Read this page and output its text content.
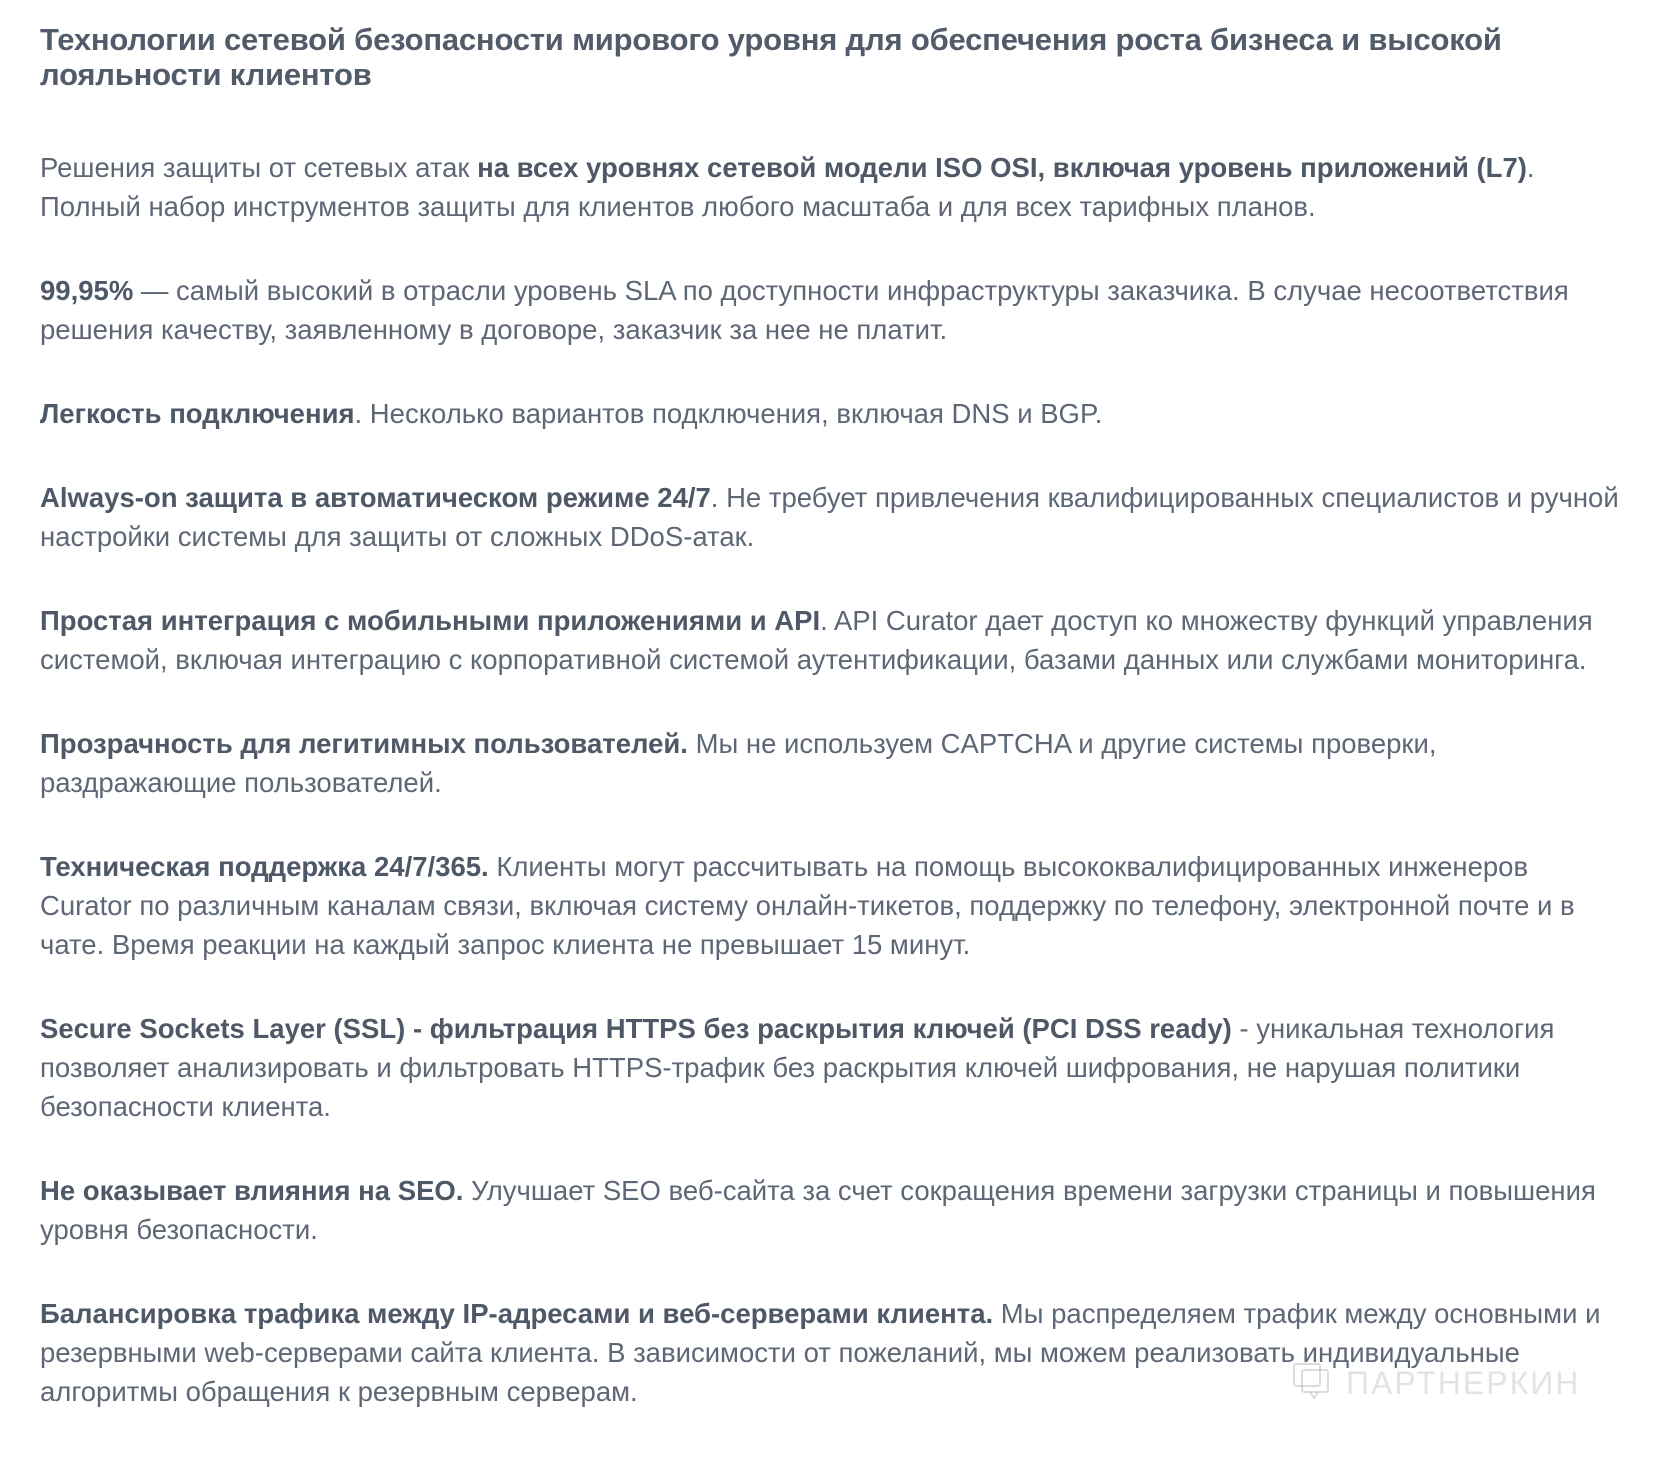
Технологии сетевой безопасности мирового уровня для обеспечения роста бизнеса и высокой лояльности клиентов

Решения защиты от сетевых атак на всех уровнях сетевой модели ISO OSI, включая уровень приложений (L7). Полный набор инструментов защиты для клиентов любого масштаба и для всех тарифных планов.

99,95% — самый высокий в отрасли уровень SLA по доступности инфраструктуры заказчика. В случае несоответствия решения качеству, заявленному в договоре, заказчик за нее не платит.

Легкость подключения. Несколько вариантов подключения, включая DNS и BGP.

Always-on защита в автоматическом режиме 24/7. Не требует привлечения квалифицированных специалистов и ручной настройки системы для защиты от сложных DDoS-атак.

Простая интеграция с мобильными приложениями и API. API Curator дает доступ ко множеству функций управления системой, включая интеграцию с корпоративной системой аутентификации, базами данных или службами мониторинга.

Прозрачность для легитимных пользователей. Мы не используем CAPTCHA и другие системы проверки, раздражающие пользователей.

Техническая поддержка 24/7/365. Клиенты могут рассчитывать на помощь высококвалифицированных инженеров Curator по различным каналам связи, включая систему онлайн-тикетов, поддержку по телефону, электронной почте и в чате. Время реакции на каждый запрос клиента не превышает 15 минут.

Secure Sockets Layer (SSL) - фильтрация HTTPS без раскрытия ключей (PCI DSS ready) - уникальная технология позволяет анализировать и фильтровать HTTPS-трафик без раскрытия ключей шифрования, не нарушая политики безопасности клиента.

Не оказывает влияния на SEO. Улучшает SEO веб-сайта за счет сокращения времени загрузки страницы и повышения уровня безопасности.

Балансировка трафика между IP-адресами и веб-серверами клиента. Мы распределяем трафик между основными и резервными web-серверами сайта клиента. В зависимости от пожеланий, мы можем реализовать индивидуальные алгоритмы обращения к резервным серверам.	ПАРТНЕРКИН
